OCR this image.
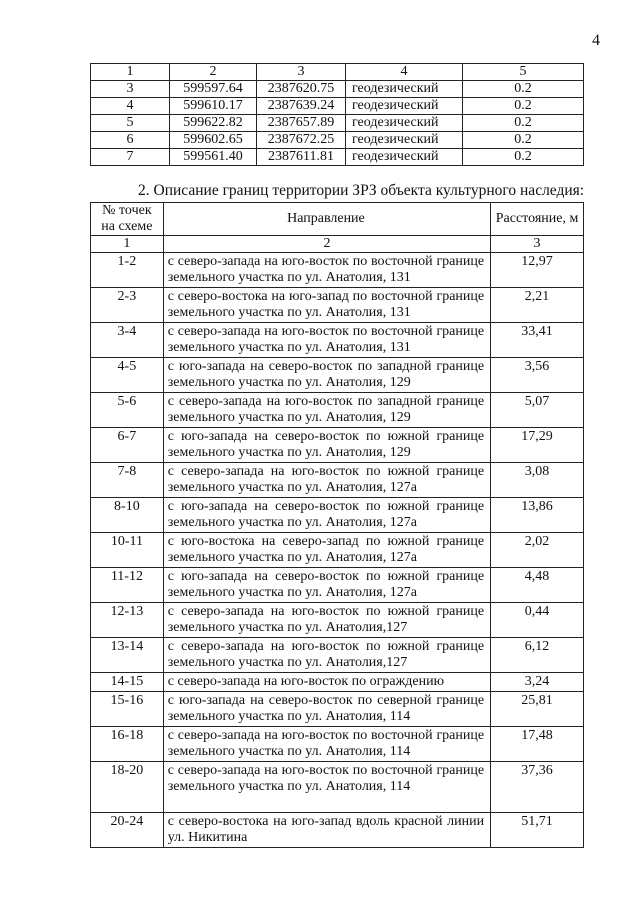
4
1	2	3	4	5
3	599597.64	2387620.75	геодезический	0.2
4	599610.17	2387639.24	геодезический	0.2
5	599622.82	2387657.89	геодезический	0.2
6	599602.65	2387672.25	геодезический	0.2
7	599561.40	2387611.81	геодезический	0.2
2. Описание границ территории ЗРЗ объекта культурного наследия:
№ точек на схеме	Направление	Расстояние, м
1	2	3
1-2	с северо-запада на юго-восток по восточной границе земельного участка по ул. Анатолия, 131	12,97
2-3	с северо-востока на юго-запад по восточной границе земельного участка по ул. Анатолия, 131	2,21
3-4	с северо-запада на юго-восток по восточной границе земельного участка по ул. Анатолия, 131	33,41
4-5	с юго-запада на северо-восток по западной границе земельного участка по ул. Анатолия, 129	3,56
5-6	с северо-запада на юго-восток по западной границе земельного участка по ул. Анатолия, 129	5,07
6-7	с юго-запада на северо-восток по южной границе земельного участка по ул. Анатолия, 129	17,29
7-8	с северо-запада на юго-восток по южной границе земельного участка по ул. Анатолия, 127а	3,08
8-10	с юго-запада на северо-восток по южной границе земельного участка по ул. Анатолия, 127а	13,86
10-11	с юго-востока на северо-запад по южной границе земельного участка по ул. Анатолия, 127а	2,02
11-12	с юго-запада на северо-восток по южной границе земельного участка по ул. Анатолия, 127а	4,48
12-13	с северо-запада на юго-восток по южной границе земельного участка по ул. Анатолия,127	0,44
13-14	с северо-запада на юго-восток по южной границе земельного участка по ул. Анатолия,127	6,12
14-15	с северо-запада на юго-восток по ограждению	3,24
15-16	с юго-запада на северо-восток по северной границе земельного участка по ул. Анатолия, 114	25,81
16-18	с северо-запада на юго-восток по восточной границе земельного участка по ул. Анатолия, 114	17,48
18-20	с северо-запада на юго-восток по восточной границе земельного участка по ул. Анатолия, 114	37,36
20-24	с северо-востока на юго-запад вдоль красной линии ул. Никитина	51,71
